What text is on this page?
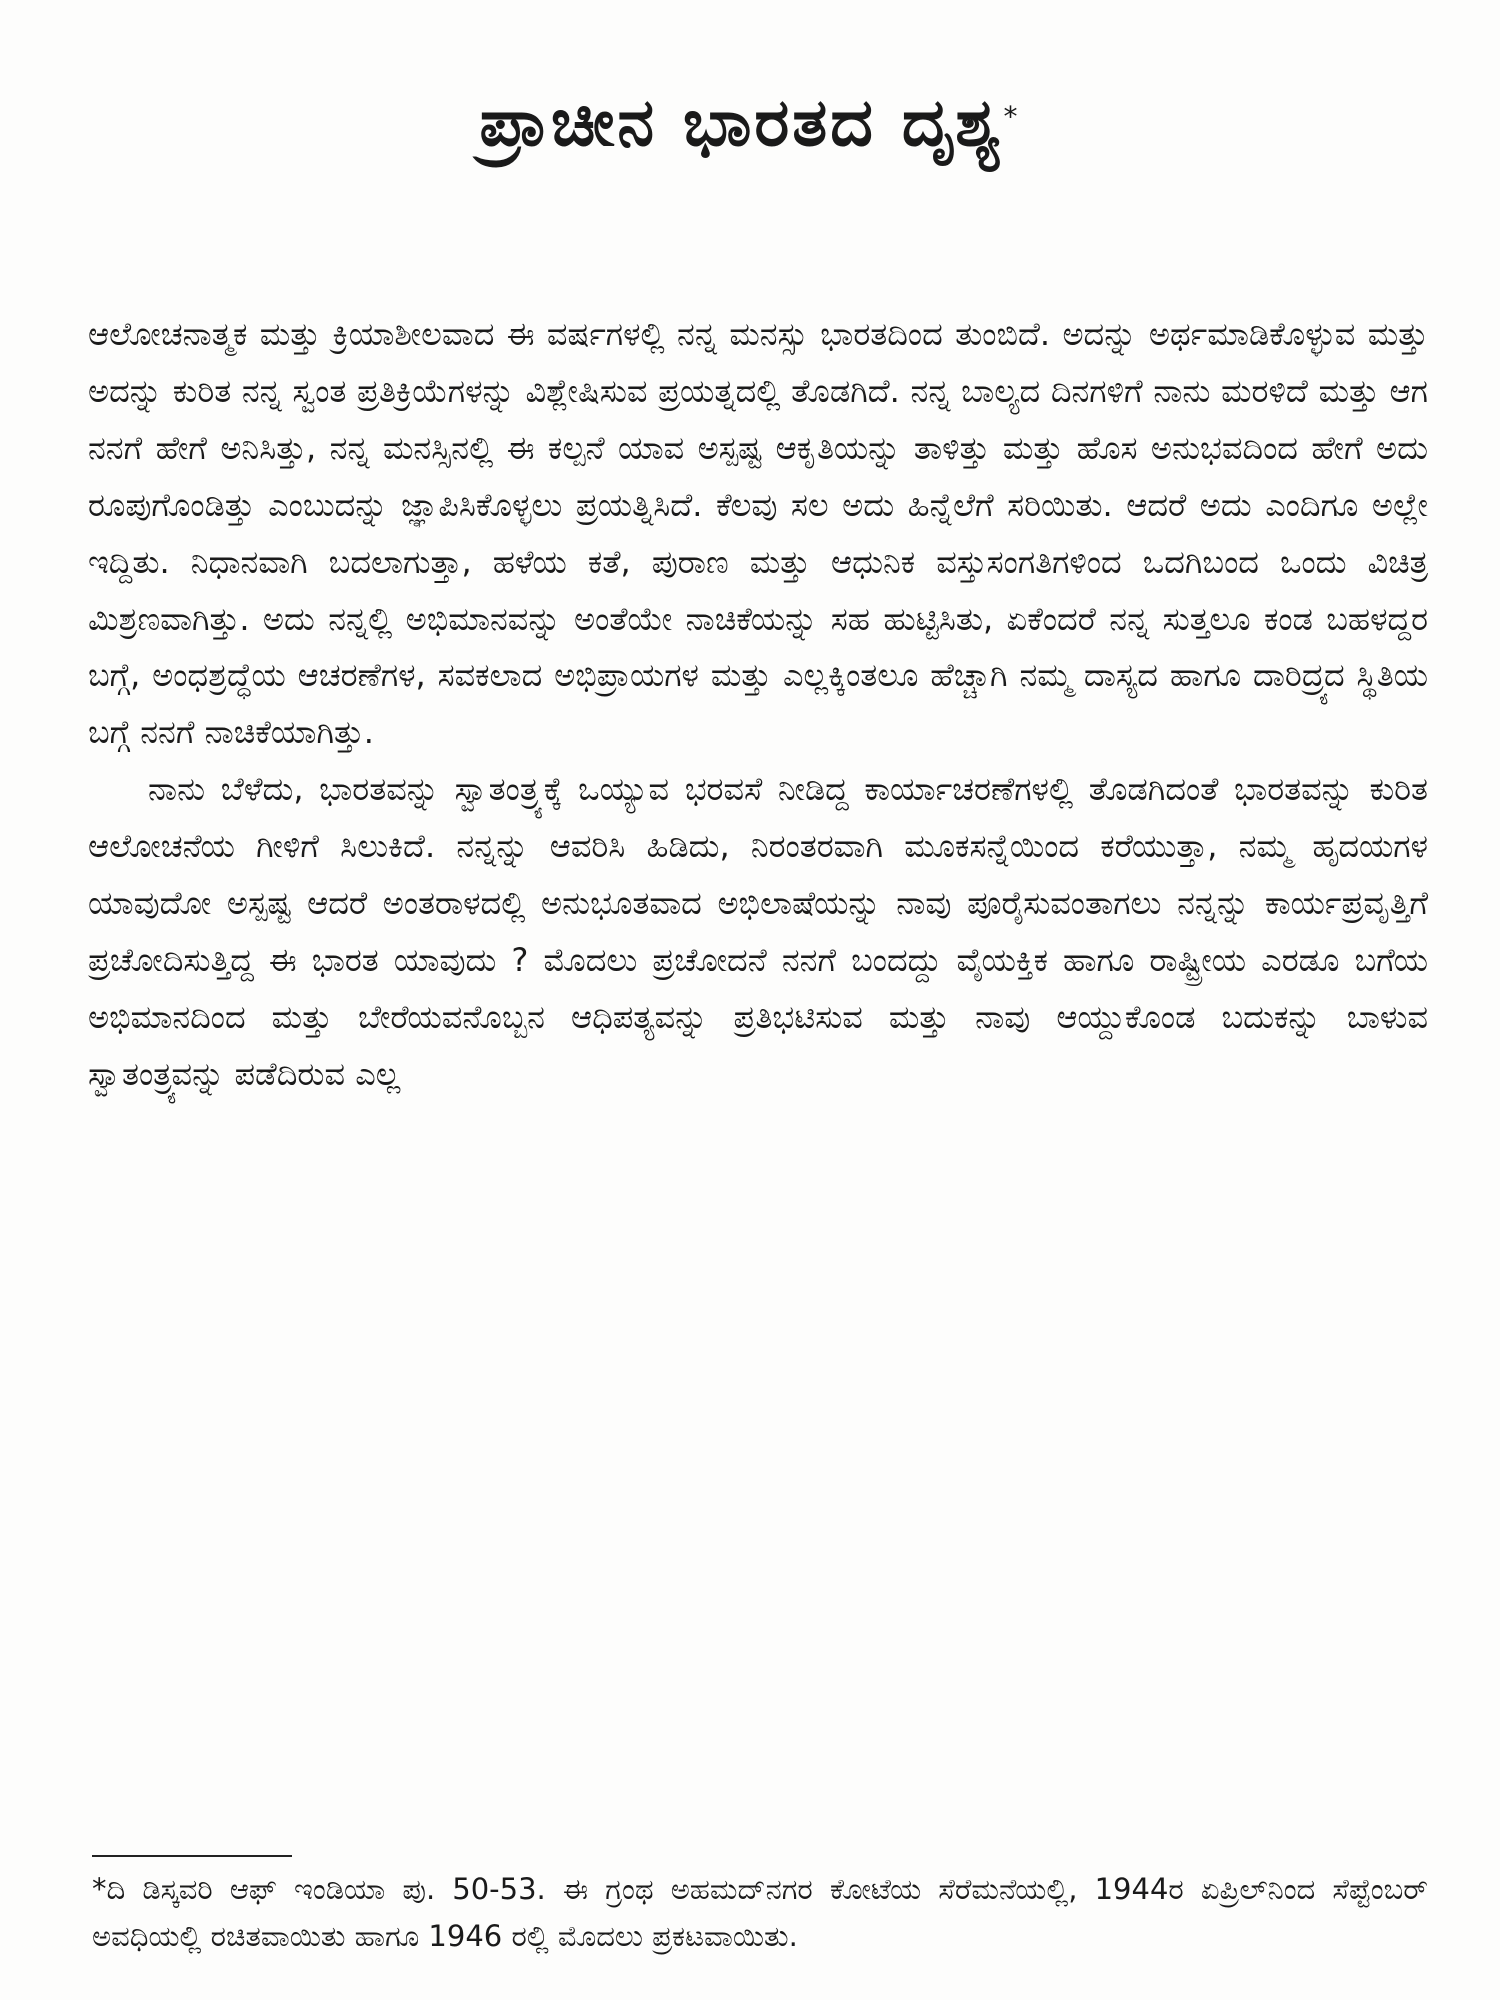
ಪ್ರಾಚೀನ ಭಾರತದ ದೃಶ್ಯ*

ಆಲೋಚನಾತ್ಮಕ ಮತ್ತು ಕ್ರಿಯಾಶೀಲವಾದ ಈ ವರ್ಷಗಳಲ್ಲಿ ನನ್ನ ಮನಸ್ಸು ಭಾರತದಿಂದ ತುಂಬಿದೆ. ಅದನ್ನು ಅರ್ಥಮಾಡಿಕೊಳ್ಳುವ ಮತ್ತು ಅದನ್ನು ಕುರಿತ ನನ್ನ ಸ್ವಂತ ಪ್ರತಿಕ್ರಿಯೆಗಳನ್ನು ವಿಶ್ಲೇಷಿಸುವ ಪ್ರಯತ್ನದಲ್ಲಿ ತೊಡಗಿದೆ. ನನ್ನ ಬಾಲ್ಯದ ದಿನಗಳಿಗೆ ನಾನು ಮರಳಿದೆ ಮತ್ತು ಆಗ ನನಗೆ ಹೇಗೆ ಅನಿಸಿತ್ತು, ನನ್ನ ಮನಸ್ಸಿನಲ್ಲಿ ಈ ಕಲ್ಪನೆ ಯಾವ ಅಸ್ಪಷ್ಟ ಆಕೃತಿಯನ್ನು ತಾಳಿತ್ತು ಮತ್ತು ಹೊಸ ಅನುಭವದಿಂದ ಹೇಗೆ ಅದು ರೂಪುಗೊಂಡಿತ್ತು ಎಂಬುದನ್ನು ಜ್ಞಾಪಿಸಿಕೊಳ್ಳಲು ಪ್ರಯತ್ನಿಸಿದೆ. ಕೆಲವು ಸಲ ಅದು ಹಿನ್ನೆಲೆಗೆ ಸರಿಯಿತು. ಆದರೆ ಅದು ಎಂದಿಗೂ ಅಲ್ಲೇ ಇದ್ದಿತು. ನಿಧಾನವಾಗಿ ಬದಲಾಗುತ್ತಾ, ಹಳೆಯ ಕತೆ, ಪುರಾಣ ಮತ್ತು ಆಧುನಿಕ ವಸ್ತುಸಂಗತಿಗಳಿಂದ ಒದಗಿಬಂದ ಒಂದು ವಿಚಿತ್ರ ಮಿಶ್ರಣವಾಗಿತ್ತು. ಅದು ನನ್ನಲ್ಲಿ ಅಭಿಮಾನವನ್ನು ಅಂತೆಯೇ ನಾಚಿಕೆಯನ್ನು ಸಹ ಹುಟ್ಟಿಸಿತು, ಏಕೆಂದರೆ ನನ್ನ ಸುತ್ತಲೂ ಕಂಡ ಬಹಳದ್ದರ ಬಗ್ಗೆ, ಅಂಧಶ್ರದ್ಧೆಯ ಆಚರಣೆಗಳ, ಸವಕಲಾದ ಅಭಿಪ್ರಾಯಗಳ ಮತ್ತು ಎಲ್ಲಕ್ಕಿಂತಲೂ ಹೆಚ್ಚಾಗಿ ನಮ್ಮ ದಾಸ್ಯದ ಹಾಗೂ ದಾರಿದ್ರ್ಯದ ಸ್ಥಿತಿಯ ಬಗ್ಗೆ ನನಗೆ ನಾಚಿಕೆಯಾಗಿತ್ತು.

ನಾನು ಬೆಳೆದು, ಭಾರತವನ್ನು ಸ್ವಾತಂತ್ರ್ಯಕ್ಕೆ ಒಯ್ಯುವ ಭರವಸೆ ನೀಡಿದ್ದ ಕಾರ್ಯಾಚರಣೆಗಳಲ್ಲಿ ತೊಡಗಿದಂತೆ ಭಾರತವನ್ನು ಕುರಿತ ಆಲೋಚನೆಯ ಗೀಳಿಗೆ ಸಿಲುಕಿದೆ. ನನ್ನನ್ನು ಆವರಿಸಿ ಹಿಡಿದು, ನಿರಂತರವಾಗಿ ಮೂಕಸನ್ನೆಯಿಂದ ಕರೆಯುತ್ತಾ, ನಮ್ಮ ಹೃದಯಗಳ ಯಾವುದೋ ಅಸ್ಪಷ್ಟ ಆದರೆ ಅಂತರಾಳದಲ್ಲಿ ಅನುಭೂತವಾದ ಅಭಿಲಾಷೆಯನ್ನು ನಾವು ಪೂರೈಸುವಂತಾಗಲು ನನ್ನನ್ನು ಕಾರ್ಯಪ್ರವೃತ್ತಿಗೆ ಪ್ರಚೋದಿಸುತ್ತಿದ್ದ ಈ ಭಾರತ ಯಾವುದು ? ಮೊದಲು ಪ್ರಚೋದನೆ ನನಗೆ ಬಂದದ್ದು ವೈಯಕ್ತಿಕ ಹಾಗೂ ರಾಷ್ಟ್ರೀಯ ಎರಡೂ ಬಗೆಯ ಅಭಿಮಾನದಿಂದ ಮತ್ತು ಬೇರೆಯವನೊಬ್ಬನ ಆಧಿಪತ್ಯವನ್ನು ಪ್ರತಿಭಟಿಸುವ ಮತ್ತು ನಾವು ಆಯ್ದುಕೊಂಡ ಬದುಕನ್ನು ಬಾಳುವ ಸ್ವಾತಂತ್ರ್ಯವನ್ನು ಪಡೆದಿರುವ ಎಲ್ಲ

*ದಿ ಡಿಸ್ಕವರಿ ಆಫ್ ಇಂಡಿಯಾ ಪು. 50-53. ಈ ಗ್ರಂಥ ಅಹಮದ್‌ನಗರ ಕೋಟೆಯ ಸೆರೆಮನೆಯಲ್ಲಿ, 1944ರ ಏಪ್ರಿಲ್‌ನಿಂದ ಸೆಪ್ಟೆಂಬರ್ ಅವಧಿಯಲ್ಲಿ ರಚಿತವಾಯಿತು ಹಾಗೂ 1946 ರಲ್ಲಿ ಮೊದಲು ಪ್ರಕಟವಾಯಿತು.
